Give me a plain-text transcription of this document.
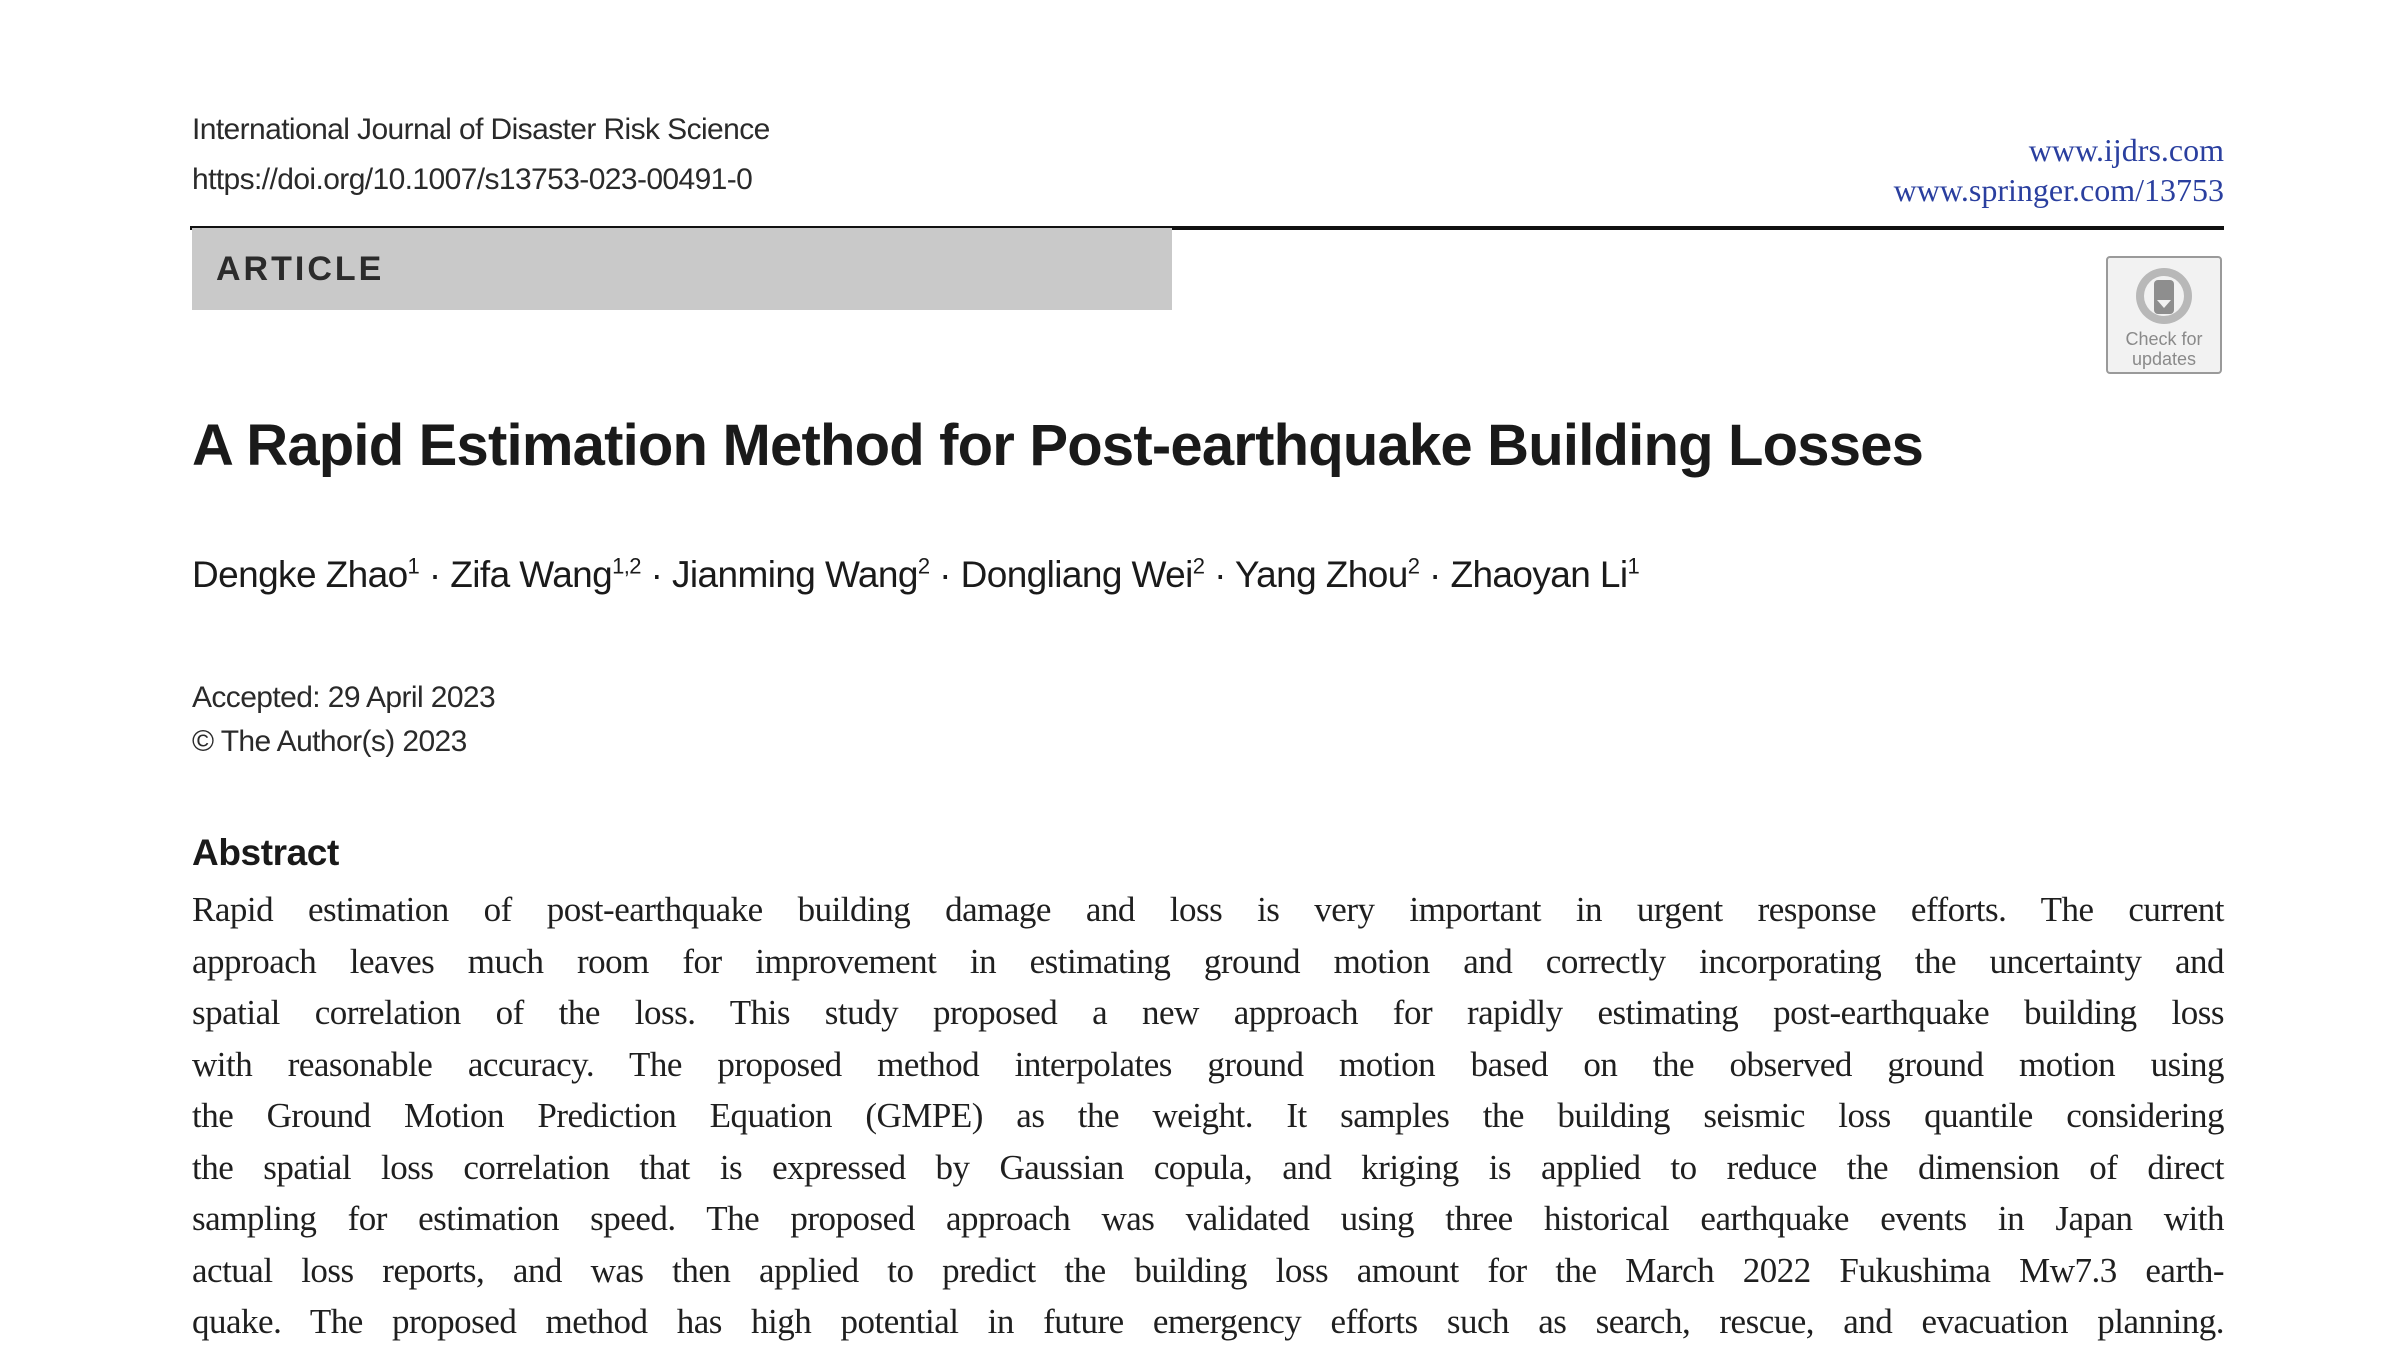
International Journal of Disaster Risk Science
https://doi.org/10.1007/s13753-023-00491-0
www.ijdrs.com
www.springer.com/13753
ARTICLE
Check for
updates
A Rapid Estimation Method for Post-earthquake Building Losses
Dengke Zhao$^1$ · Zifa Wang$^{1,2}$ · Jianming Wang$^2$ · Dongliang Wei$^2$ · Yang Zhou$^2$ · Zhaoyan Li$^1$
Accepted: 29 April 2023
© The Author(s) 2023
Abstract
Rapid estimation of post-earthquake building damage and loss is very important in urgent response efforts. The current
approach leaves much room for improvement in estimating ground motion and correctly incorporating the uncertainty and
spatial correlation of the loss. This study proposed a new approach for rapidly estimating post-earthquake building loss
with reasonable accuracy. The proposed method interpolates ground motion based on the observed ground motion using
the Ground Motion Prediction Equation (GMPE) as the weight. It samples the building seismic loss quantile considering
the spatial loss correlation that is expressed by Gaussian copula, and kriging is applied to reduce the dimension of direct
sampling for estimation speed. The proposed approach was validated using three historical earthquake events in Japan with
actual loss reports, and was then applied to predict the building loss amount for the March 2022 Fukushima Mw7.3 earth-
quake. The proposed method has high potential in future emergency efforts such as search, rescue, and evacuation planning.
